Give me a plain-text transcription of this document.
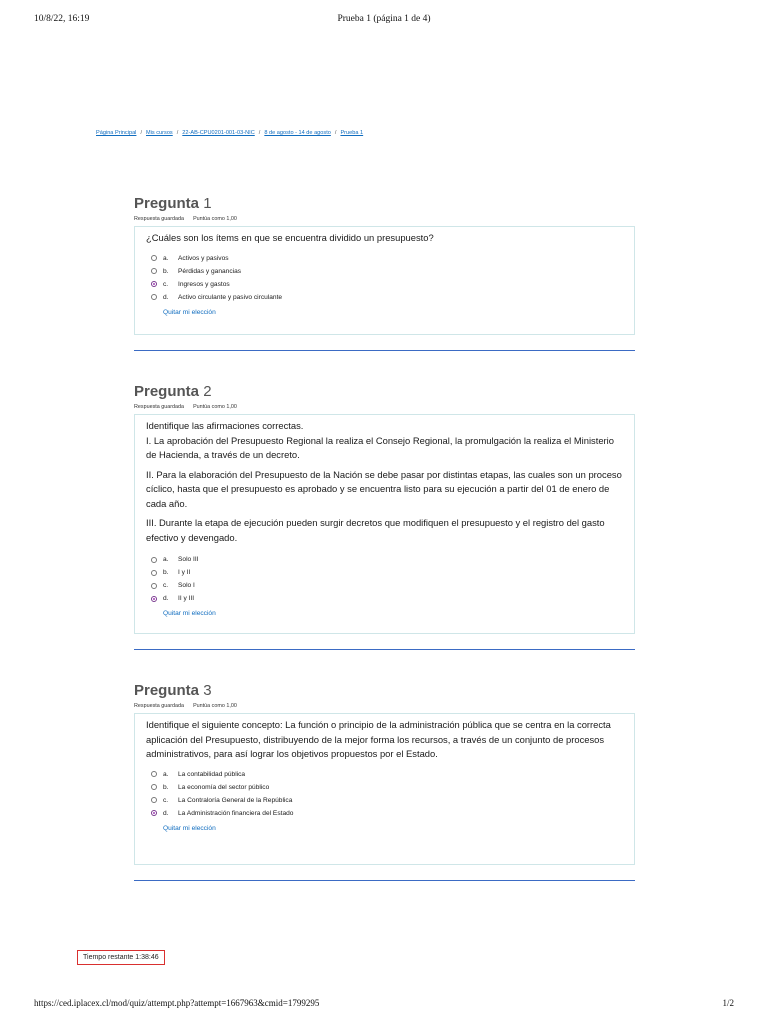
10/8/22, 16:19	Prueba 1 (página 1 de 4)
Página Principal / Mis cursos / 22-AB-CPU0201-001-03-NIC / 8 de agosto - 14 de agosto / Prueba 1
Pregunta 1
Respuesta guardada Puntúa como 1,00

¿Cuáles son los ítems en que se encuentra dividido un presupuesto?

a.	Activos y pasivos
b.	Pérdidas y ganancias
c.	Ingresos y gastos
d.	Activo circulante y pasivo circulante
Quitar mi elección
Pregunta 2
Respuesta guardada Puntúa como 1,00

Identifique las afirmaciones correctas.

I. La aprobación del Presupuesto Regional la realiza el Consejo Regional, la promulgación la realiza el Ministerio de Hacienda, a través de un decreto.

II. Para la elaboración del Presupuesto de la Nación se debe pasar por distintas etapas, las cuales son un proceso cíclico, hasta que el presupuesto es aprobado y se encuentra listo para su ejecución a partir del 01 de enero de cada año.

III. Durante la etapa de ejecución pueden surgir decretos que modifiquen el presupuesto y el registro del gasto efectivo y devengado.

a.	Solo III
b.	I y II
c.	Solo I
d.	II y III
Quitar mi elección
Pregunta 3
Respuesta guardada Puntúa como 1,00

Identifique el siguiente concepto: La función o principio de la administración pública que se centra en la correcta aplicación del Presupuesto, distribuyendo de la mejor forma los recursos, a través de un conjunto de procesos administrativos, para así lograr los objetivos propuestos por el Estado.

a.	La contabilidad pública
b.	La economía del sector público
c.	La Contraloría General de la República
d.	La Administración financiera del Estado
Quitar mi elección
Tiempo restante 1:38:46
https://ced.iplacex.cl/mod/quiz/attempt.php?attempt=1667963&cmid=1799295	1/2
